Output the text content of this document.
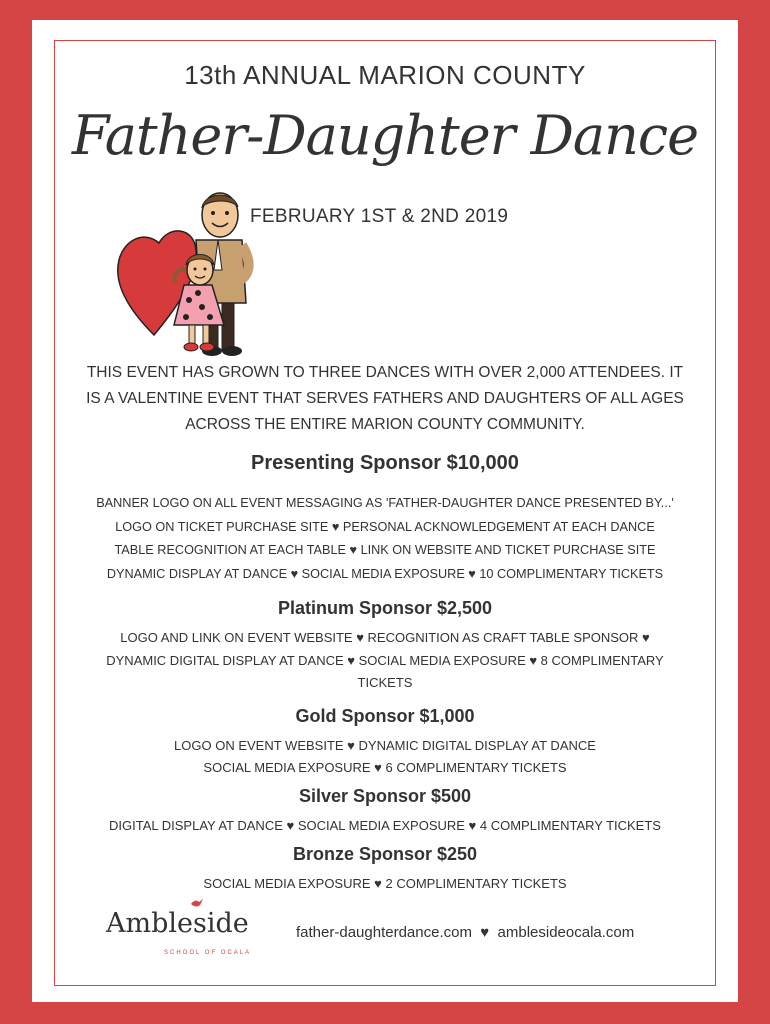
13th ANNUAL MARION COUNTY
Father-Daughter Dance
FEBRUARY 1ST & 2ND 2019
THIS EVENT HAS GROWN TO THREE DANCES WITH OVER 2,000 ATTENDEES. IT
IS A VALENTINE EVENT THAT SERVES FATHERS AND DAUGHTERS OF ALL AGES
ACROSS THE ENTIRE MARION COUNTY COMMUNITY.
Presenting Sponsor $10,000
BANNER LOGO ON ALL EVENT MESSAGING AS 'FATHER-DAUGHTER DANCE PRESENTED BY...'
LOGO ON TICKET PURCHASE SITE ♥ PERSONAL ACKNOWLEDGEMENT AT EACH DANCE
TABLE RECOGNITION AT EACH TABLE ♥ LINK ON WEBSITE AND TICKET PURCHASE SITE
DYNAMIC DISPLAY AT DANCE ♥ SOCIAL MEDIA EXPOSURE ♥ 10 COMPLIMENTARY TICKETS
Platinum Sponsor $2,500
LOGO AND LINK ON EVENT WEBSITE ♥ RECOGNITION AS CRAFT TABLE SPONSOR ♥
DYNAMIC DIGITAL DISPLAY AT DANCE ♥ SOCIAL MEDIA EXPOSURE ♥ 8 COMPLIMENTARY
TICKETS
Gold Sponsor $1,000
LOGO ON EVENT WEBSITE ♥ DYNAMIC DIGITAL DISPLAY AT DANCE
SOCIAL MEDIA EXPOSURE ♥ 6 COMPLIMENTARY TICKETS
Silver Sponsor $500
DIGITAL DISPLAY AT DANCE ♥ SOCIAL MEDIA EXPOSURE ♥ 4 COMPLIMENTARY TICKETS
Bronze Sponsor $250
SOCIAL MEDIA EXPOSURE ♥ 2 COMPLIMENTARY TICKETS
Ambleside
SCHOOL OF OCALA
father-daughterdance.com  ♥  amblesideocala.com
